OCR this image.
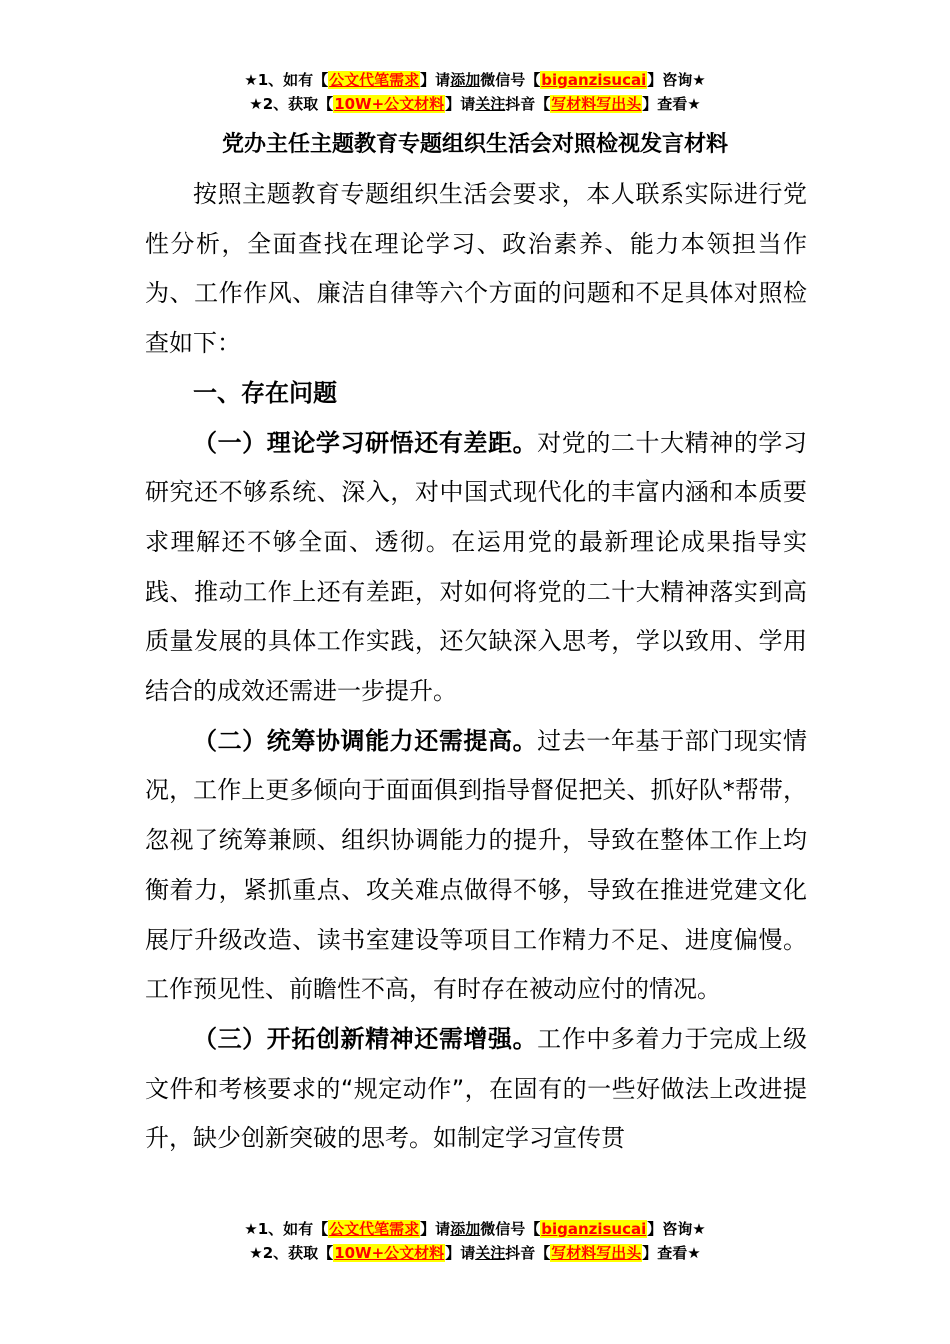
★1、如有【公文代笔需求】请添加微信号【biganzisucai】咨询★
★2、获取【10W+公文材料】请关注抖音【写材料写出头】查看★
党办主任主题教育专题组织生活会对照检视发言材料

按照主题教育专题组织生活会要求，本人联系实际进行党性分析，全面查找在理论学习、政治素养、能力本领担当作为、工作作风、廉洁自律等六个方面的问题和不足具体对照检查如下：

一、存在问题

（一）理论学习研悟还有差距。对党的二十大精神的学习研究还不够系统、深入，对中国式现代化的丰富内涵和本质要求理解还不够全面、透彻。在运用党的最新理论成果指导实践、推动工作上还有差距，对如何将党的二十大精神落实到高质量发展的具体工作实践，还欠缺深入思考，学以致用、学用结合的成效还需进一步提升。

（二）统筹协调能力还需提高。过去一年基于部门现实情况，工作上更多倾向于面面俱到指导督促把关、抓好队*帮带，忽视了统筹兼顾、组织协调能力的提升，导致在整体工作上均衡着力，紧抓重点、攻关难点做得不够，导致在推进党建文化展厅升级改造、读书室建设等项目工作精力不足、进度偏慢。工作预见性、前瞻性不高，有时存在被动应付的情况。

（三）开拓创新精神还需增强。工作中多着力于完成上级文件和考核要求的“规定动作”，在固有的一些好做法上改进提升，缺少创新突破的思考。如制定学习宣传贯

★1、如有【公文代笔需求】请添加微信号【biganzisucai】咨询★
★2、获取【10W+公文材料】请关注抖音【写材料写出头】查看★
